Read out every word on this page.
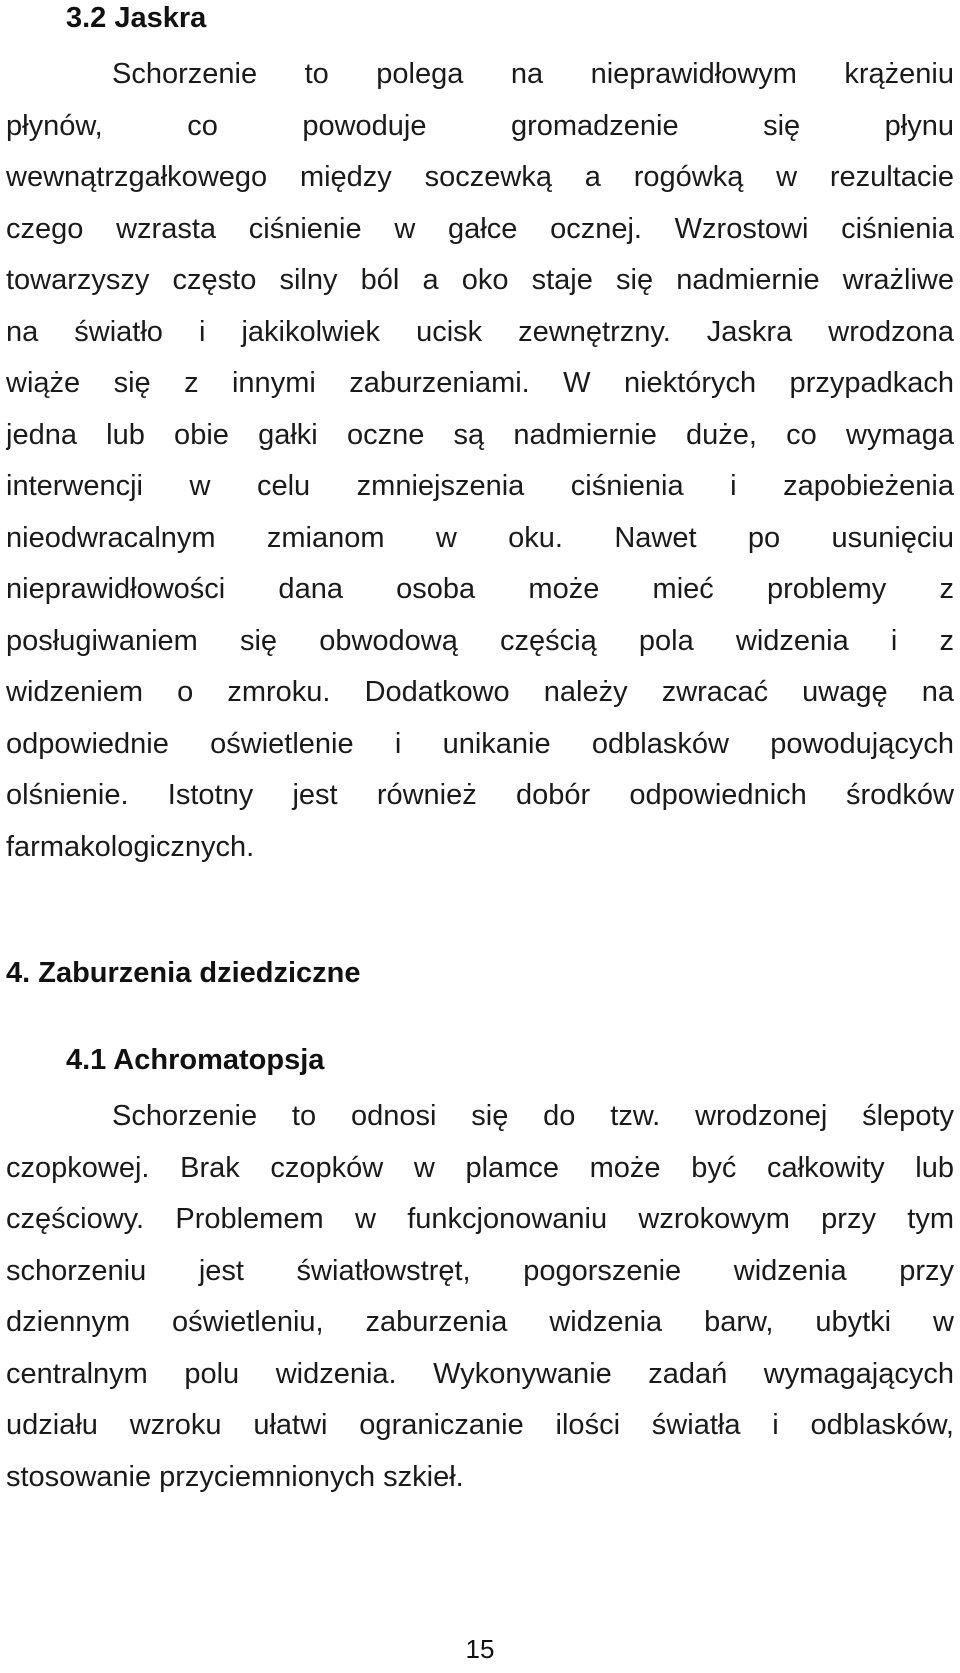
3.2 Jaskra
Schorzenie to polega na nieprawidłowym krążeniu
płynów, co powoduje gromadzenie się płynu
wewnątrzgałkowego między soczewką a rogówką w rezultacie
czego wzrasta ciśnienie w gałce ocznej. Wzrostowi ciśnienia
towarzyszy często silny ból a oko staje się nadmiernie wrażliwe
na światło i jakikolwiek ucisk zewnętrzny. Jaskra wrodzona
wiąże się z innymi zaburzeniami. W niektórych przypadkach
jedna lub obie gałki oczne są nadmiernie duże, co wymaga
interwencji w celu zmniejszenia ciśnienia i zapobieżenia
nieodwracalnym zmianom w oku. Nawet po usunięciu
nieprawidłowości dana osoba może mieć problemy z
posługiwaniem się obwodową częścią pola widzenia i z
widzeniem o zmroku. Dodatkowo należy zwracać uwagę na
odpowiednie oświetlenie i unikanie odblasków powodujących
olśnienie. Istotny jest również dobór odpowiednich środków
farmakologicznych.
4. Zaburzenia dziedziczne
4.1 Achromatopsja
Schorzenie to odnosi się do tzw. wrodzonej ślepoty
czopkowej. Brak czopków w plamce może być całkowity lub
częściowy. Problemem w funkcjonowaniu wzrokowym przy tym
schorzeniu jest światłowstręt, pogorszenie widzenia przy
dziennym oświetleniu, zaburzenia widzenia barw, ubytki w
centralnym polu widzenia. Wykonywanie zadań wymagających
udziału wzroku ułatwi ograniczanie ilości światła i odblasków,
stosowanie przyciemnionych szkieł.
15
